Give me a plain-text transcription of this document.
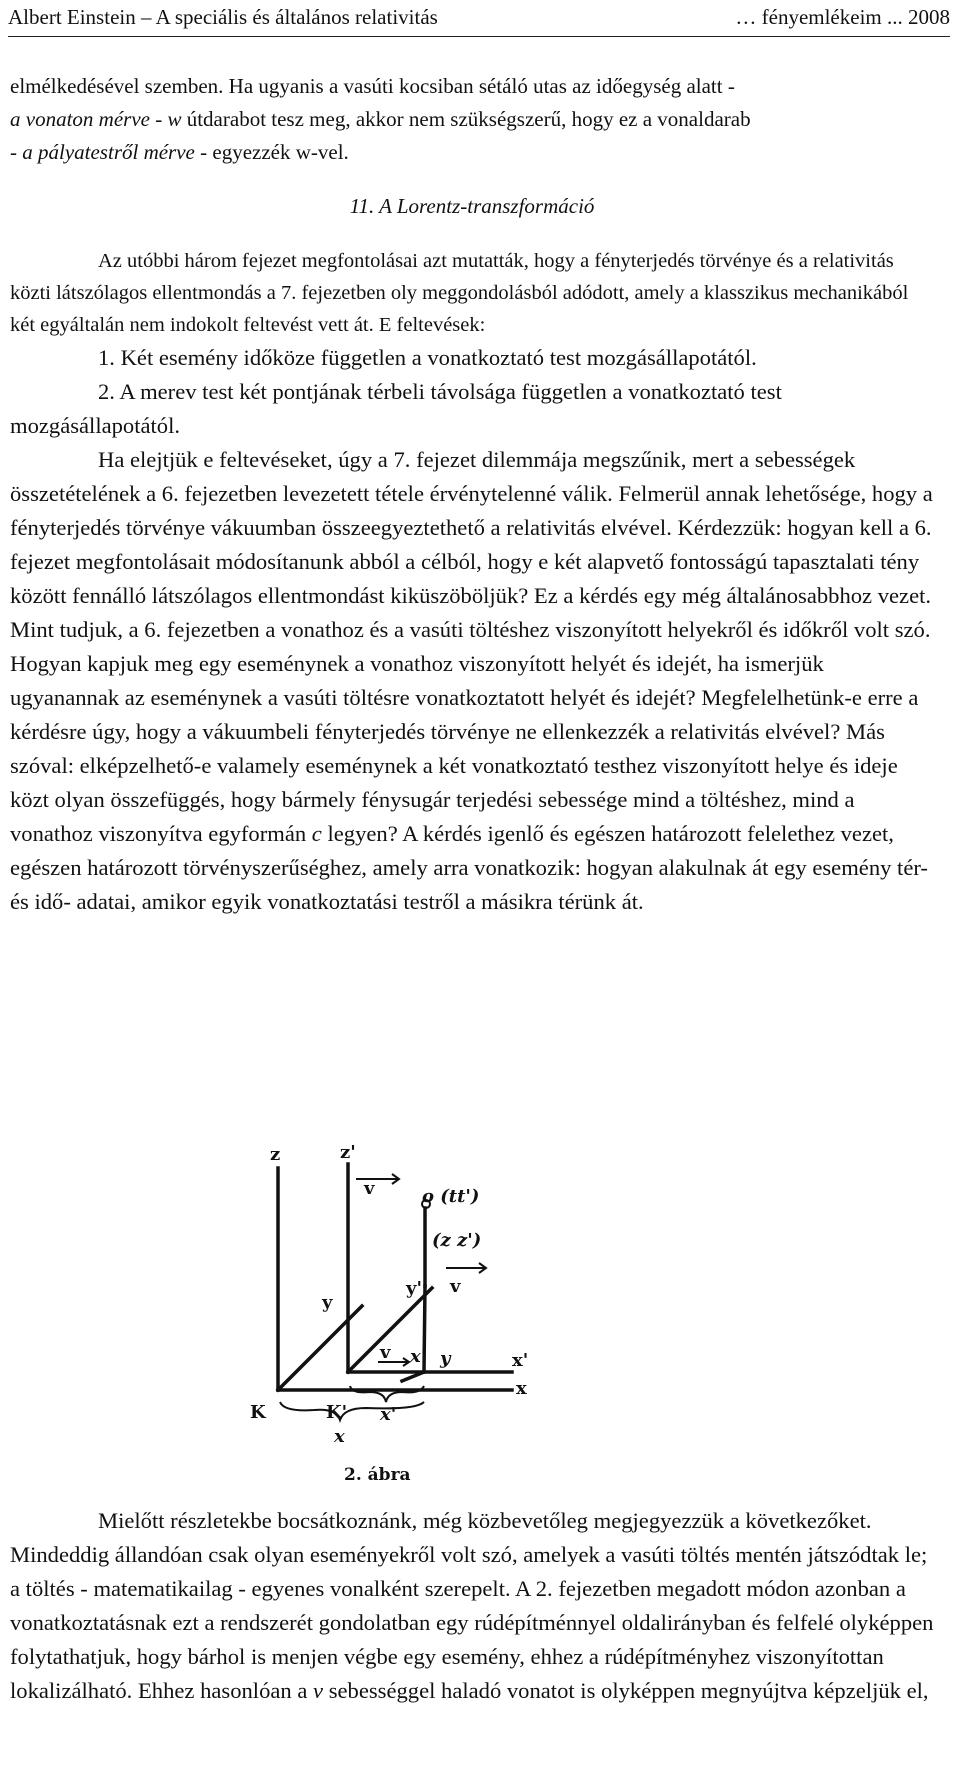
Albert Einstein – A speciális és általános relativitás	… fényemlékeim ... 2008

elmélkedésével szemben. Ha ugyanis a vasúti kocsiban sétáló utas az időegység alatt -

a vonaton mérve - w útdarabot tesz meg, akkor nem szükségszerű, hogy ez a vonaldarab

- a pályatestről mérve - egyezzék w-vel.

11. A Lorentz-transzformáció

Az utóbbi három fejezet megfontolásai azt mutatták, hogy a fényterjedés törvénye és a relativitás közti látszólagos ellentmondás a 7. fejezetben oly meggondolásból adódott, amely a klasszikus mechanikából két egyáltalán nem indokolt feltevést vett át. E feltevések:

1. Két esemény időköze független a vonatkoztató test mozgásállapotától.

2. A merev test két pontjának térbeli távolsága független a vonatkoztató test mozgásállapotától.

Ha elejtjük e feltevéseket, úgy a 7. fejezet dilemmája megszűnik, mert a sebességek összetételének a 6. fejezetben levezetett tétele érvénytelenné válik. Felmerül annak lehetősége, hogy a fényterjedés törvénye vákuumban összeegyeztethető a relativitás elvével. Kérdezzük: hogyan kell a 6. fejezet megfontolásait módosítanunk abból a célból, hogy e két alapvető fontosságú tapasztalati tény között fennálló látszólagos ellentmondást kiküszöböljük? Ez a kérdés egy még általánosabbhoz vezet. Mint tudjuk, a 6. fejezetben a vonathoz és a vasúti töltéshez viszonyított helyekről és időkről volt szó. Hogyan kapjuk meg egy eseménynek a vonathoz viszonyított helyét és idejét, ha ismerjük ugyanannak az eseménynek a vasúti töltésre vonatkoztatott helyét és idejét? Megfelelhetünk-e erre a kérdésre úgy, hogy a vákuumbeli fényterjedés törvénye ne ellenkezzék a relativitás elvével? Más szóval: elképzelhető-e valamely eseménynek a két vonatkoztató testhez viszonyított helye és ideje közt olyan összefüggés, hogy bármely fénysugár terjedési sebessége mind a töltéshez, mind a vonathoz viszonyítva egyformán c legyen? A kérdés igenlő és egészen határozott felelethez vezet, egészen határozott törvényszerűséghez, amely arra vonatkozik: hogyan alakulnak át egy esemény tér- és idő- adatai, amikor egyik vonatkoztatási testről a másikra térünk át.

z	z'
v	o (tt')
(z z')
y
y' v
v x' y	x'
x
K	K' x'
x
2. ábra

Mielőtt részletekbe bocsátkoznánk, még közbevetőleg megjegyezzük a következőket. Mindeddig állandóan csak olyan eseményekről volt szó, amelyek a vasúti töltés mentén játszódtak le; a töltés - matematikailag - egyenes vonalként szerepelt. A 2. fejezetben megadott módon azonban a vonatkoztatásnak ezt a rendszerét gondolatban egy rúdépítménnyel oldalirányban és felfelé olyképpen folytathatjuk, hogy bárhol is menjen végbe egy esemény, ehhez a rúdépítményhez viszonyítottan lokalizálható. Ehhez hasonlóan a v sebességgel haladó vonatot is olyképpen megnyújtva képzeljük el,
